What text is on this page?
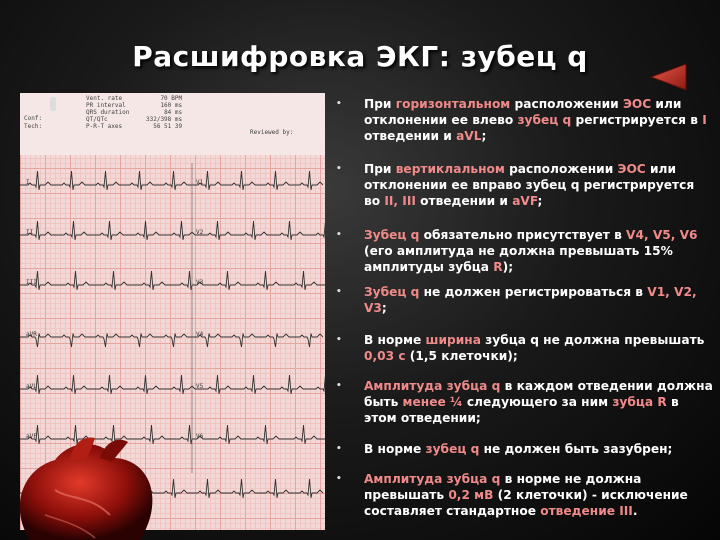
Расшифровка ЭКГ: зубец q
Conf:
Tech:
Vent. rate
PR interval
QRS duration
QT/QTc
P-R-T axes
70 BPM
160 ms
84 ms
332/398 ms
56 51 39
Reviewed by:
I
II
III
aVR
aVL
aVF
V1
V2
V3
V4
V5
V6
• При горизонтальном расположении ЭОС или отклонении ее влево зубец q регистрируется в I отведении и aVL;
• При вертиклальном расположении ЭОС или отклонении ее вправо зубец q регистрируется во II, III отведении и aVF;
• Зубец q обязательно присутствует в V4, V5, V6 (его амплитуда не должна превышать 15% амплитуды зубца R);
• Зубец q не должен регистрироваться в V1, V2, V3;
• В норме ширина зубца q не должна превышать 0,03 с (1,5 клеточки);
• Амплитуда зубца q в каждом отведении должна быть менее ¼ следующего за ним зубца R в этом отведении;
• В норме зубец q не должен быть зазубрен;
• Амплитуда зубца q в норме не должна превышать 0,2 мВ (2 клеточки) - исключение составляет стандартное отведение III.
